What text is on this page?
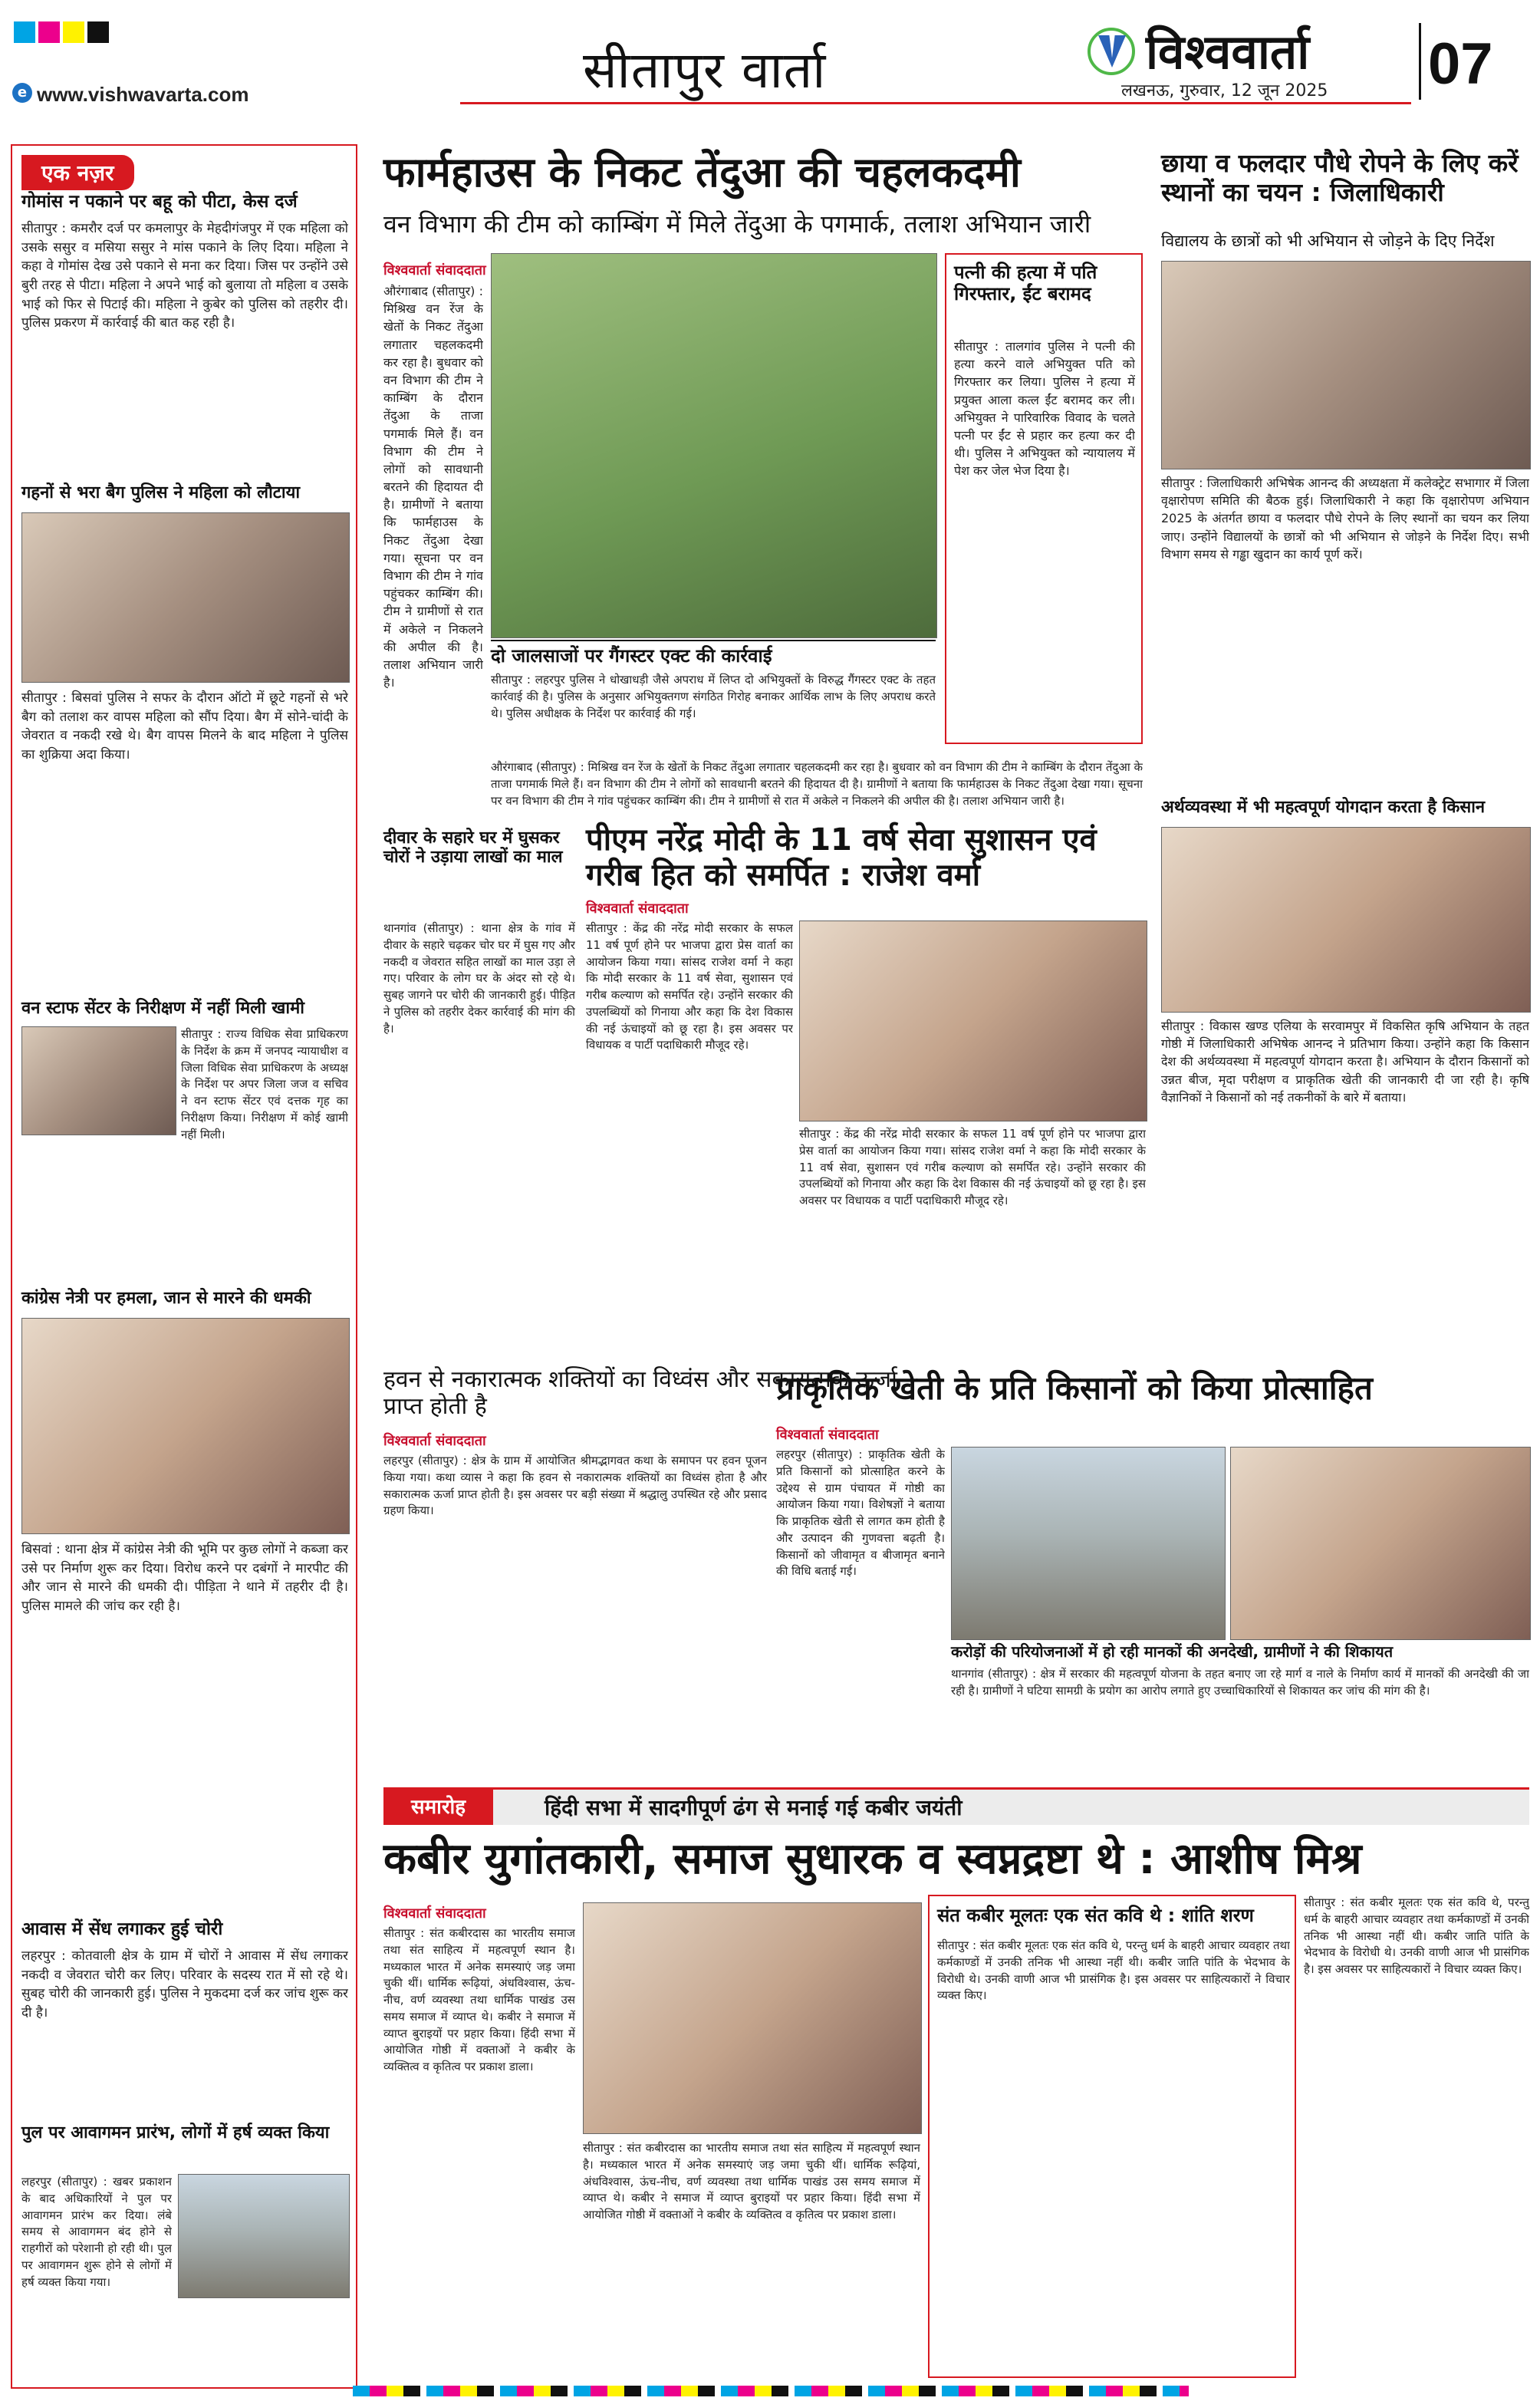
e www.vishwavarta.com	सीतापुर वार्ता	विश्ववार्ता
लखनऊ, गुरुवार, 12 जून 2025 07
एक नज़र
गोमांस न पकाने पर बहू को पीटा, केस दर्ज
सीतापुर : कमरौर दर्ज पर कमलापुर के मेहदीगंजपुर में एक महिला को उसके ससुर व मसिया ससुर ने मांस पकाने के लिए दिया। महिला ने कहा वे गोमांस देख उसे पकाने से मना कर दिया। जिस पर उन्होंने उसे बुरी तरह से पीटा। महिला ने अपने भाई को बुलाया तो महिला व उसके भाई को फिर से पिटाई की। महिला ने कुबेर को पुलिस को तहरीर दी। पुलिस प्रकरण में कार्रवाई की बात कह रही है।
गहनों से भरा बैग पुलिस ने महिला को लौटाया
सीतापुर : बिसवां पुलिस ने सफर के दौरान ऑटो में छूटे गहनों से भरे बैग को तलाश कर वापस महिला को सौंप दिया। बैग में सोने-चांदी के जेवरात व नकदी रखे थे। बैग वापस मिलने के बाद महिला ने पुलिस का शुक्रिया अदा किया।
वन स्टाफ सेंटर के निरीक्षण में नहीं मिली खामी
सीतापुर : राज्य विधिक सेवा प्राधिकरण के निर्देश के क्रम में जनपद न्यायाधीश व जिला विधिक सेवा प्राधिकरण के अध्यक्ष के निर्देश पर अपर जिला जज व सचिव ने वन स्टाफ सेंटर एवं दत्तक गृह का निरीक्षण किया। निरीक्षण में कोई खामी नहीं मिली।
कांग्रेस नेत्री पर हमला, जान से मारने की धमकी
बिसवां : थाना क्षेत्र में कांग्रेस नेत्री की भूमि पर कुछ लोगों ने कब्जा कर उसे पर निर्माण शुरू कर दिया। विरोध करने पर दबंगों ने मारपीट की और जान से मारने की धमकी दी। पीड़िता ने थाने में तहरीर दी है। पुलिस मामले की जांच कर रही है।
आवास में सेंध लगाकर हुई चोरी
लहरपुर : कोतवाली क्षेत्र के ग्राम में चोरों ने आवास में सेंध लगाकर नकदी व जेवरात चोरी कर लिए। परिवार के सदस्य रात में सो रहे थे। सुबह चोरी की जानकारी हुई। पुलिस ने मुकदमा दर्ज कर जांच शुरू कर दी है।
पुल पर आवागमन प्रारंभ, लोगों में हर्ष व्यक्त किया
लहरपुर (सीतापुर) : खबर प्रकाशन के बाद अधिकारियों ने पुल पर आवागमन प्रारंभ कर दिया। लंबे समय से आवागमन बंद होने से राहगीरों को परेशानी हो रही थी। पुल पर आवागमन शुरू होने से लोगों में हर्ष व्यक्त किया गया।
फार्महाउस के निकट तेंदुआ की चहलकदमी
वन विभाग की टीम को काम्बिंग में मिले तेंदुआ के पगमार्क, तलाश अभियान जारी
विश्ववार्ता संवाददाता
औरंगाबाद (सीतापुर) : मिश्रिख वन रेंज के खेतों के निकट तेंदुआ लगातार चहलकदमी कर रहा है। बुधवार को वन विभाग की टीम ने काम्बिंग के दौरान तेंदुआ के ताजा पगमार्क मिले हैं। वन विभाग की टीम ने लोगों को सावधानी बरतने की हिदायत दी है। ग्रामीणों ने बताया कि फार्महाउस के निकट तेंदुआ देखा गया। सूचना पर वन विभाग की टीम ने गांव पहुंचकर काम्बिंग की। टीम ने ग्रामीणों से रात में अकेले न निकलने की अपील की है। तलाश अभियान जारी है।
दो जालसाजों पर गैंगस्टर एक्ट की कार्रवाई
सीतापुर : लहरपुर पुलिस ने धोखाधड़ी जैसे अपराध में लिप्त दो अभियुक्तों के विरुद्ध गैंगस्टर एक्ट के तहत कार्रवाई की है। पुलिस के अनुसार अभियुक्तगण संगठित गिरोह बनाकर आर्थिक लाभ के लिए अपराध करते थे। पुलिस अधीक्षक के निर्देश पर कार्रवाई की गई।
पत्नी की हत्या में पति गिरफ्तार, ईंट बरामद
सीतापुर : तालगांव पुलिस ने पत्नी की हत्या करने वाले अभियुक्त पति को गिरफ्तार कर लिया। पुलिस ने हत्या में प्रयुक्त आला कत्ल ईंट बरामद कर ली। अभियुक्त ने पारिवारिक विवाद के चलते पत्नी पर ईंट से प्रहार कर हत्या कर दी थी। पुलिस ने अभियुक्त को न्यायालय में पेश कर जेल भेज दिया है।
औरंगाबाद (सीतापुर) : मिश्रिख वन रेंज के खेतों के निकट तेंदुआ लगातार चहलकदमी कर रहा है। बुधवार को वन विभाग की टीम ने काम्बिंग के दौरान तेंदुआ के ताजा पगमार्क मिले हैं। वन विभाग की टीम ने लोगों को सावधानी बरतने की हिदायत दी है। ग्रामीणों ने बताया कि फार्महाउस के निकट तेंदुआ देखा गया। सूचना पर वन विभाग की टीम ने गांव पहुंचकर काम्बिंग की। टीम ने ग्रामीणों से रात में अकेले न निकलने की अपील की है। तलाश अभियान जारी है।
छाया व फलदार पौधे रोपने के लिए करें स्थानों का चयन : जिलाधिकारी
विद्यालय के छात्रों को भी अभियान से जोड़ने के दिए निर्देश
सीतापुर : जिलाधिकारी अभिषेक आनन्द की अध्यक्षता में कलेक्ट्रेट सभागार में जिला वृक्षारोपण समिति की बैठक हुई। जिलाधिकारी ने कहा कि वृक्षारोपण अभियान 2025 के अंतर्गत छाया व फलदार पौधे रोपने के लिए स्थानों का चयन कर लिया जाए। उन्होंने विद्यालयों के छात्रों को भी अभियान से जोड़ने के निर्देश दिए। सभी विभाग समय से गड्ढा खुदान का कार्य पूर्ण करें।
अर्थव्यवस्था में भी महत्वपूर्ण योगदान करता है किसान
सीतापुर : विकास खण्ड एलिया के सरवामपुर में विकसित कृषि अभियान के तहत गोष्ठी में जिलाधिकारी अभिषेक आनन्द ने प्रतिभाग किया। उन्होंने कहा कि किसान देश की अर्थव्यवस्था में महत्वपूर्ण योगदान करता है। अभियान के दौरान किसानों को उन्नत बीज, मृदा परीक्षण व प्राकृतिक खेती की जानकारी दी जा रही है। कृषि वैज्ञानिकों ने किसानों को नई तकनीकों के बारे में बताया।
दीवार के सहारे घर में घुसकर चोरों ने उड़ाया लाखों का माल
थानगांव (सीतापुर) : थाना क्षेत्र के गांव में दीवार के सहारे चढ़कर चोर घर में घुस गए और नकदी व जेवरात सहित लाखों का माल उड़ा ले गए। परिवार के लोग घर के अंदर सो रहे थे। सुबह जागने पर चोरी की जानकारी हुई। पीड़ित ने पुलिस को तहरीर देकर कार्रवाई की मांग की है।
पीएम नरेंद्र मोदी के 11 वर्ष सेवा सुशासन एवं गरीब हित को समर्पित : राजेश वर्मा
विश्ववार्ता संवाददाता
सीतापुर : केंद्र की नरेंद्र मोदी सरकार के सफल 11 वर्ष पूर्ण होने पर भाजपा द्वारा प्रेस वार्ता का आयोजन किया गया। सांसद राजेश वर्मा ने कहा कि मोदी सरकार के 11 वर्ष सेवा, सुशासन एवं गरीब कल्याण को समर्पित रहे। उन्होंने सरकार की उपलब्धियों को गिनाया और कहा कि देश विकास की नई ऊंचाइयों को छू रहा है। इस अवसर पर विधायक व पार्टी पदाधिकारी मौजूद रहे।
सीतापुर : केंद्र की नरेंद्र मोदी सरकार के सफल 11 वर्ष पूर्ण होने पर भाजपा द्वारा प्रेस वार्ता का आयोजन किया गया। सांसद राजेश वर्मा ने कहा कि मोदी सरकार के 11 वर्ष सेवा, सुशासन एवं गरीब कल्याण को समर्पित रहे। उन्होंने सरकार की उपलब्धियों को गिनाया और कहा कि देश विकास की नई ऊंचाइयों को छू रहा है। इस अवसर पर विधायक व पार्टी पदाधिकारी मौजूद रहे।
हवन से नकारात्मक शक्तियों का विध्वंस और सकारात्मक ऊर्जा प्राप्त होती है
विश्ववार्ता संवाददाता
लहरपुर (सीतापुर) : क्षेत्र के ग्राम में आयोजित श्रीमद्भागवत कथा के समापन पर हवन पूजन किया गया। कथा व्यास ने कहा कि हवन से नकारात्मक शक्तियों का विध्वंस होता है और सकारात्मक ऊर्जा प्राप्त होती है। इस अवसर पर बड़ी संख्या में श्रद्धालु उपस्थित रहे और प्रसाद ग्रहण किया।
प्राकृतिक खेती के प्रति किसानों को किया प्रोत्साहित
विश्ववार्ता संवाददाता
लहरपुर (सीतापुर) : प्राकृतिक खेती के प्रति किसानों को प्रोत्साहित करने के उद्देश्य से ग्राम पंचायत में गोष्ठी का आयोजन किया गया। विशेषज्ञों ने बताया कि प्राकृतिक खेती से लागत कम होती है और उत्पादन की गुणवत्ता बढ़ती है। किसानों को जीवामृत व बीजामृत बनाने की विधि बताई गई।
करोड़ों की परियोजनाओं में हो रही मानकों की अनदेखी, ग्रामीणों ने की शिकायत
थानगांव (सीतापुर) : क्षेत्र में सरकार की महत्वपूर्ण योजना के तहत बनाए जा रहे मार्ग व नाले के निर्माण कार्य में मानकों की अनदेखी की जा रही है। ग्रामीणों ने घटिया सामग्री के प्रयोग का आरोप लगाते हुए उच्चाधिकारियों से शिकायत कर जांच की मांग की है।
समारोह	हिंदी सभा में सादगीपूर्ण ढंग से मनाई गई कबीर जयंती
कबीर युगांतकारी, समाज सुधारक व स्वप्नद्रष्टा थे : आशीष मिश्र
विश्ववार्ता संवाददाता
सीतापुर : संत कबीरदास का भारतीय समाज तथा संत साहित्य में महत्वपूर्ण स्थान है। मध्यकाल भारत में अनेक समस्याएं जड़ जमा चुकी थीं। धार्मिक रूढ़ियां, अंधविश्वास, ऊंच-नीच, वर्ण व्यवस्था तथा धार्मिक पाखंड उस समय समाज में व्याप्त थे। कबीर ने समाज में व्याप्त बुराइयों पर प्रहार किया। हिंदी सभा में आयोजित गोष्ठी में वक्ताओं ने कबीर के व्यक्तित्व व कृतित्व पर प्रकाश डाला।
सीतापुर : संत कबीरदास का भारतीय समाज तथा संत साहित्य में महत्वपूर्ण स्थान है। मध्यकाल भारत में अनेक समस्याएं जड़ जमा चुकी थीं। धार्मिक रूढ़ियां, अंधविश्वास, ऊंच-नीच, वर्ण व्यवस्था तथा धार्मिक पाखंड उस समय समाज में व्याप्त थे। कबीर ने समाज में व्याप्त बुराइयों पर प्रहार किया। हिंदी सभा में आयोजित गोष्ठी में वक्ताओं ने कबीर के व्यक्तित्व व कृतित्व पर प्रकाश डाला।
संत कबीर मूलतः एक संत कवि थे : शांति शरण
सीतापुर : संत कबीर मूलतः एक संत कवि थे, परन्तु धर्म के बाहरी आचार व्यवहार तथा कर्मकाण्डों में उनकी तनिक भी आस्था नहीं थी। कबीर जाति पांति के भेदभाव के विरोधी थे। उनकी वाणी आज भी प्रासंगिक है। इस अवसर पर साहित्यकारों ने विचार व्यक्त किए।
सीतापुर : संत कबीर मूलतः एक संत कवि थे, परन्तु धर्म के बाहरी आचार व्यवहार तथा कर्मकाण्डों में उनकी तनिक भी आस्था नहीं थी। कबीर जाति पांति के भेदभाव के विरोधी थे। उनकी वाणी आज भी प्रासंगिक है। इस अवसर पर साहित्यकारों ने विचार व्यक्त किए।
